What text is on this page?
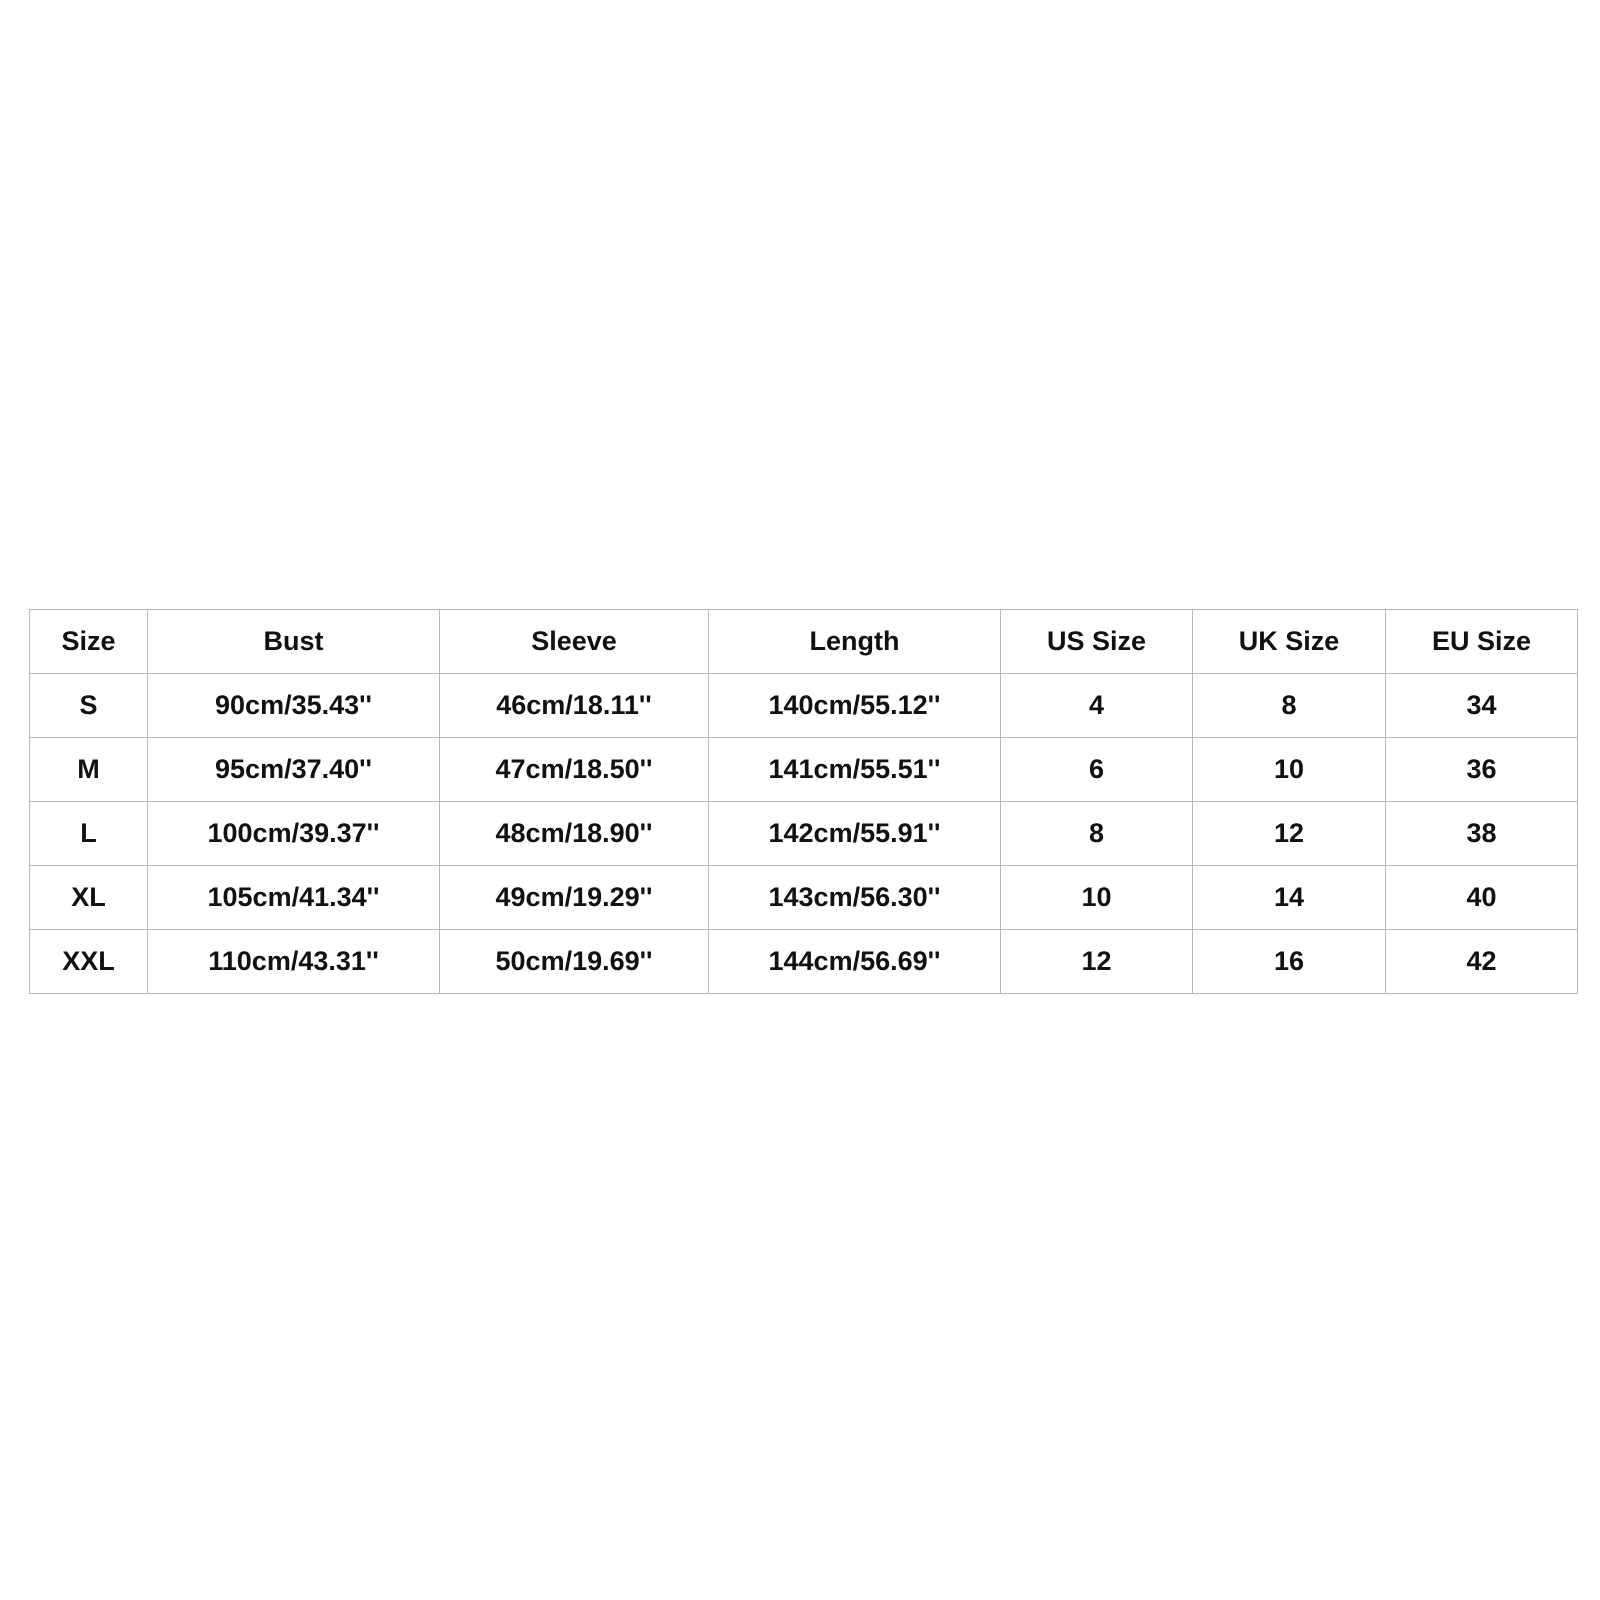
Size	Bust	Sleeve	Length	US Size	UK Size	EU Size
S	90cm/35.43''	46cm/18.11''	140cm/55.12''	4	8	34
M	95cm/37.40''	47cm/18.50''	141cm/55.51''	6	10	36
L	100cm/39.37''	48cm/18.90''	142cm/55.91''	8	12	38
XL	105cm/41.34''	49cm/19.29''	143cm/56.30''	10	14	40
XXL	110cm/43.31''	50cm/19.69''	144cm/56.69''	12	16	42
